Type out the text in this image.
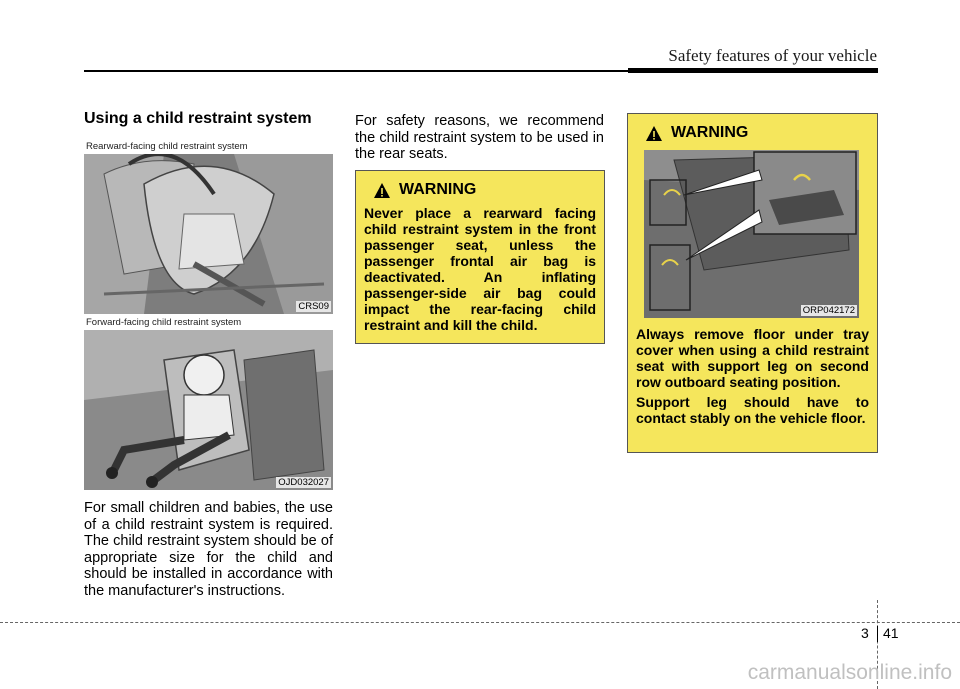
Safety features of your vehicle
Using a child restraint system
Rearward-facing child restraint system
CRS09
Forward-facing child restraint system
OJD032027
For small children and babies, the use of a child restraint system is required. The child restraint system should be of appropriate size for the child and should be installed in accordance with the manufacturer's instructions.
For safety reasons, we recommend the child restraint system to be used in the rear seats.
WARNING
Never place a rearward facing child restraint system in the front passenger seat, unless the passenger frontal air bag is deactivated. An inflating passenger-side air bag could impact the rear-facing child restraint and kill the child.
WARNING
ORP042172

Always remove floor under tray cover when using a child restraint seat with support leg on second row outboard seating position.

Support leg should have to contact stably on the vehicle floor.

3 41
carmanualsonline.info
